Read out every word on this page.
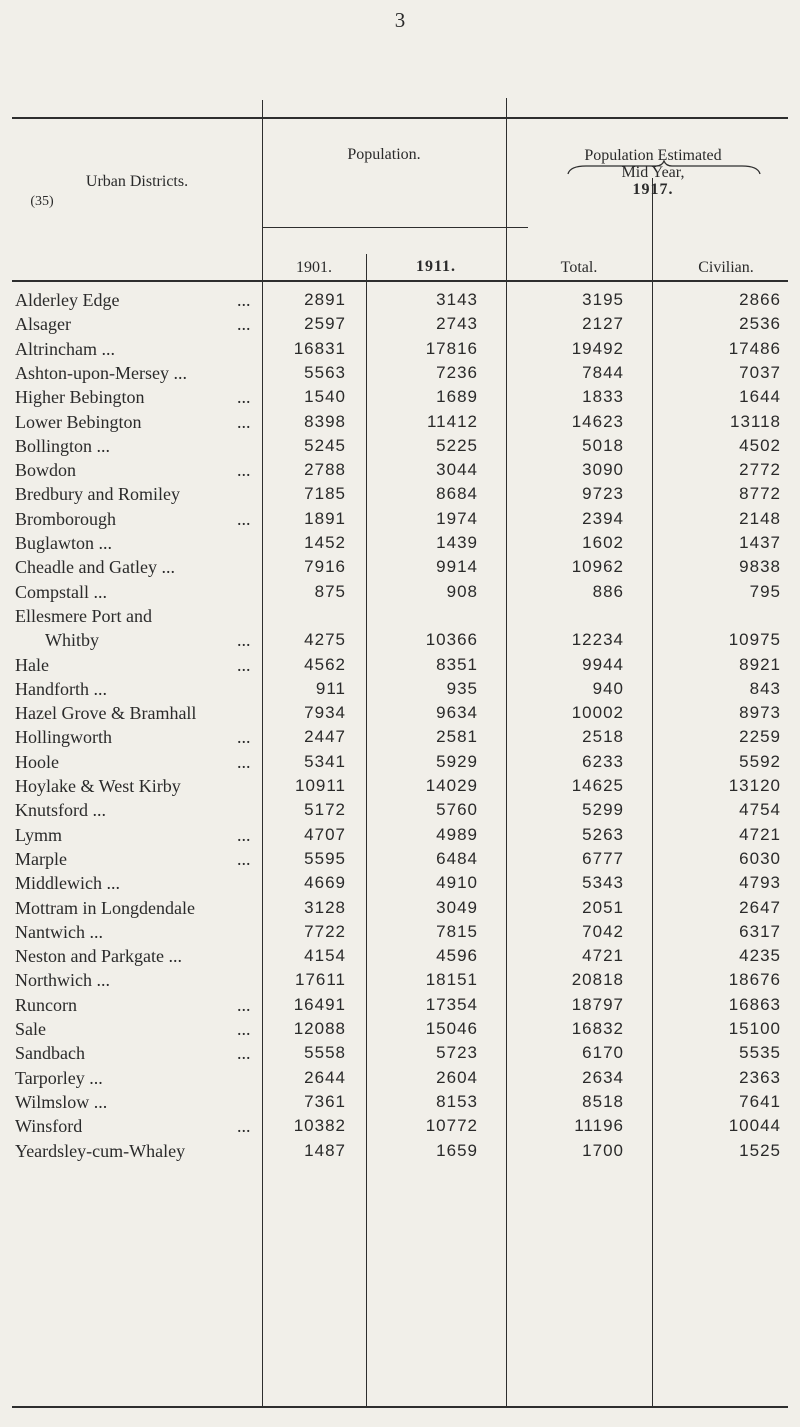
3
Urban Districts.
(35)
Population.
1901.	1911.
Population Estimated
Mid Year,
1917.
Total.	Civilian.
Alderley Edge	...	2891	3143	3195	2866
Alsager	...	2597	2743	2127	2536
Altrincham ...	16831	17816	19492	17486
Ashton-upon-Mersey ...	5563	7236	7844	7037
Higher Bebington	...	1540	1689	1833	1644
Lower Bebington	...	8398	11412	14623	13118
Bollington ...	5245	5225	5018	4502
Bowdon	...	2788	3044	3090	2772
Bredbury and Romiley	7185	8684	9723	8772
Bromborough	...	1891	1974	2394	2148
Buglawton ...	1452	1439	1602	1437
Cheadle and Gatley ...	7916	9914	10962	9838
Compstall ...	875	908	886	795
Ellesmere Port and
Whitby	...	4275	10366	12234	10975
Hale	...	4562	8351	9944	8921
Handforth ...	911	935	940	843
Hazel Grove & Bramhall	7934	9634	10002	8973
Hollingworth	...	2447	2581	2518	2259
Hoole	...	5341	5929	6233	5592
Hoylake & West Kirby	10911	14029	14625	13120
Knutsford ...	5172	5760	5299	4754
Lymm	...	4707	4989	5263	4721
Marple	...	5595	6484	6777	6030
Middlewich ...	4669	4910	5343	4793
Mottram in Longdendale	3128	3049	2051	2647
Nantwich ...	7722	7815	7042	6317
Neston and Parkgate ...	4154	4596	4721	4235
Northwich ...	17611	18151	20818	18676
Runcorn	...	16491	17354	18797	16863
Sale	...	12088	15046	16832	15100
Sandbach	...	5558	5723	6170	5535
Tarporley ...	2644	2604	2634	2363
Wilmslow ...	7361	8153	8518	7641
Winsford	...	10382	10772	11196	10044
Yeardsley-cum-Whaley	1487	1659	1700	1525
